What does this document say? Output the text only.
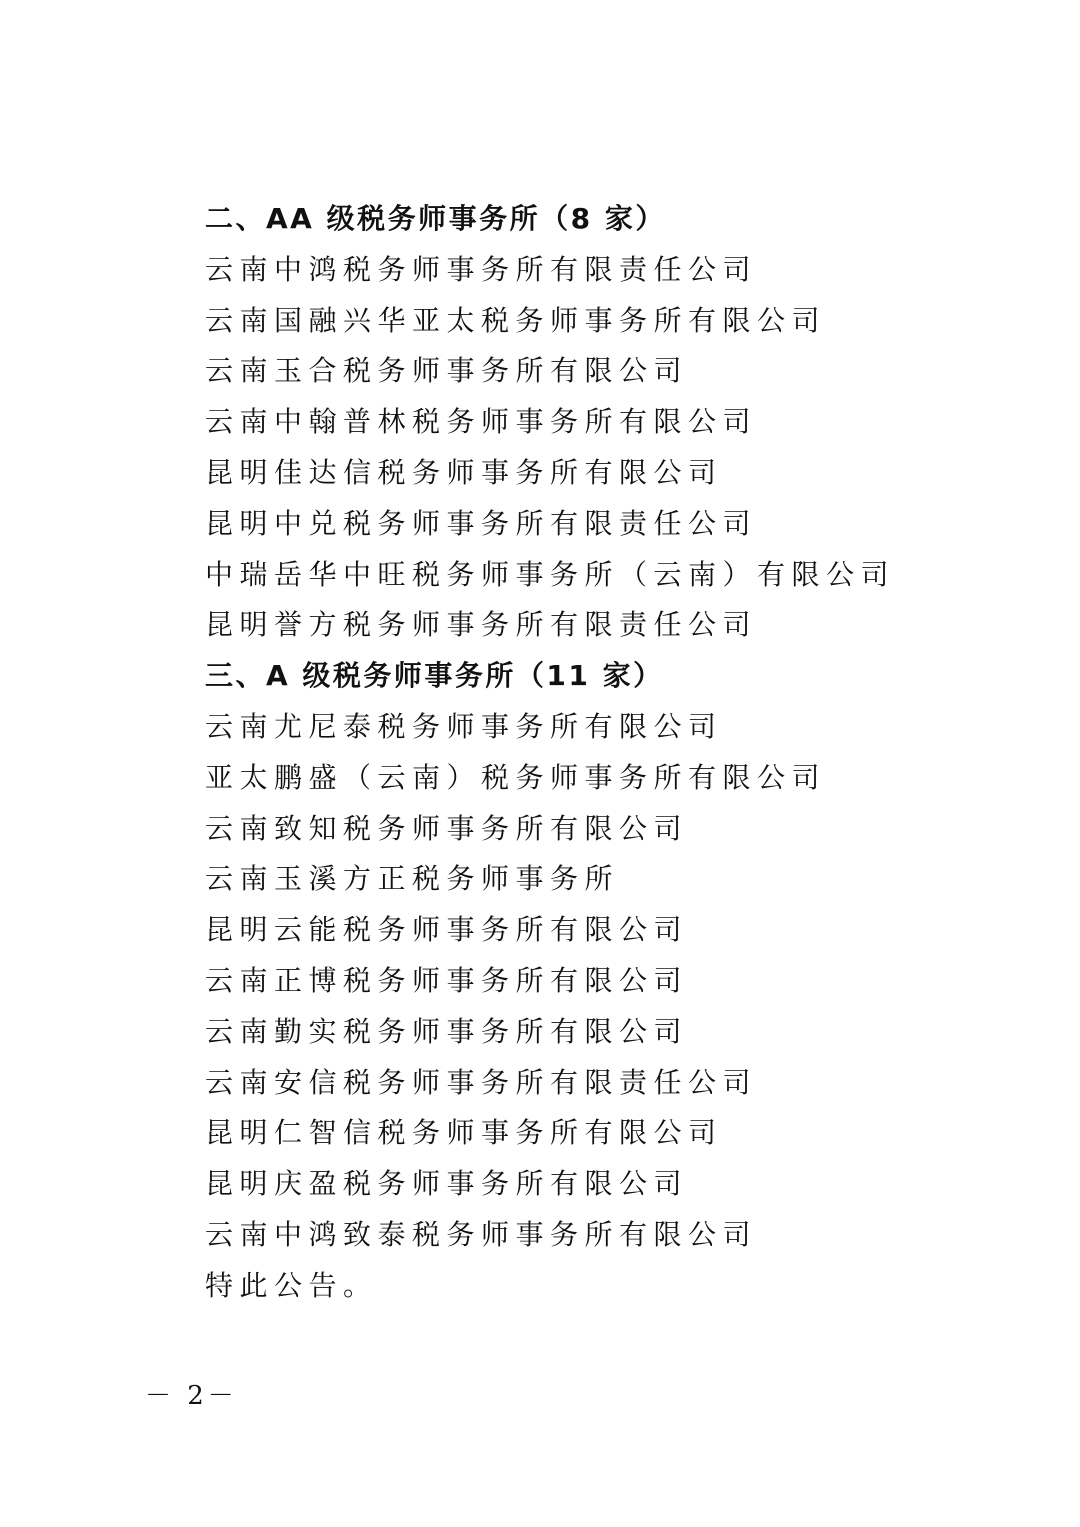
二、AA 级税务师事务所（8 家）
云南中鸿税务师事务所有限责任公司
云南国融兴华亚太税务师事务所有限公司
云南玉合税务师事务所有限公司
云南中翰普林税务师事务所有限公司
昆明佳达信税务师事务所有限公司
昆明中兑税务师事务所有限责任公司
中瑞岳华中旺税务师事务所（云南）有限公司
昆明誉方税务师事务所有限责任公司
三、A 级税务师事务所（11 家）
云南尤尼泰税务师事务所有限公司
亚太鹏盛（云南）税务师事务所有限公司
云南致知税务师事务所有限公司
云南玉溪方正税务师事务所
昆明云能税务师事务所有限公司
云南正博税务师事务所有限公司
云南勤实税务师事务所有限公司
云南安信税务师事务所有限责任公司
昆明仁智信税务师事务所有限公司
昆明庆盈税务师事务所有限公司
云南中鸿致泰税务师事务所有限公司
特此公告。
－ 2－
